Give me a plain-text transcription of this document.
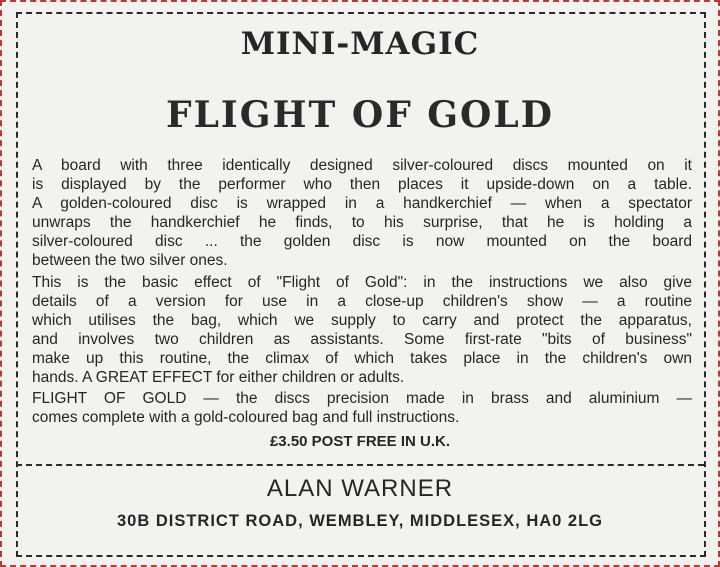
MINI-MAGIC
FLIGHT OF GOLD
A board with three identically designed silver-coloured discs mounted on it
is displayed by the performer who then places it upside-down on a table.
A golden-coloured disc is wrapped in a handkerchief — when a spectator
unwraps the handkerchief he finds, to his surprise, that he is holding a
silver-coloured disc ... the golden disc is now mounted on the board
between the two silver ones.
This is the basic effect of "Flight of Gold": in the instructions we also give
details of a version for use in a close-up children's show — a routine
which utilises the bag, which we supply to carry and protect the apparatus,
and involves two children as assistants. Some first-rate "bits of business"
make up this routine, the climax of which takes place in the children's own
hands. A GREAT EFFECT for either children or adults.
FLIGHT OF GOLD — the discs precision made in brass and aluminium —
comes complete with a gold-coloured bag and full instructions.
£3.50 POST FREE IN U.K.
ALAN WARNER
30B DISTRICT ROAD, WEMBLEY, MIDDLESEX, HA0 2LG
